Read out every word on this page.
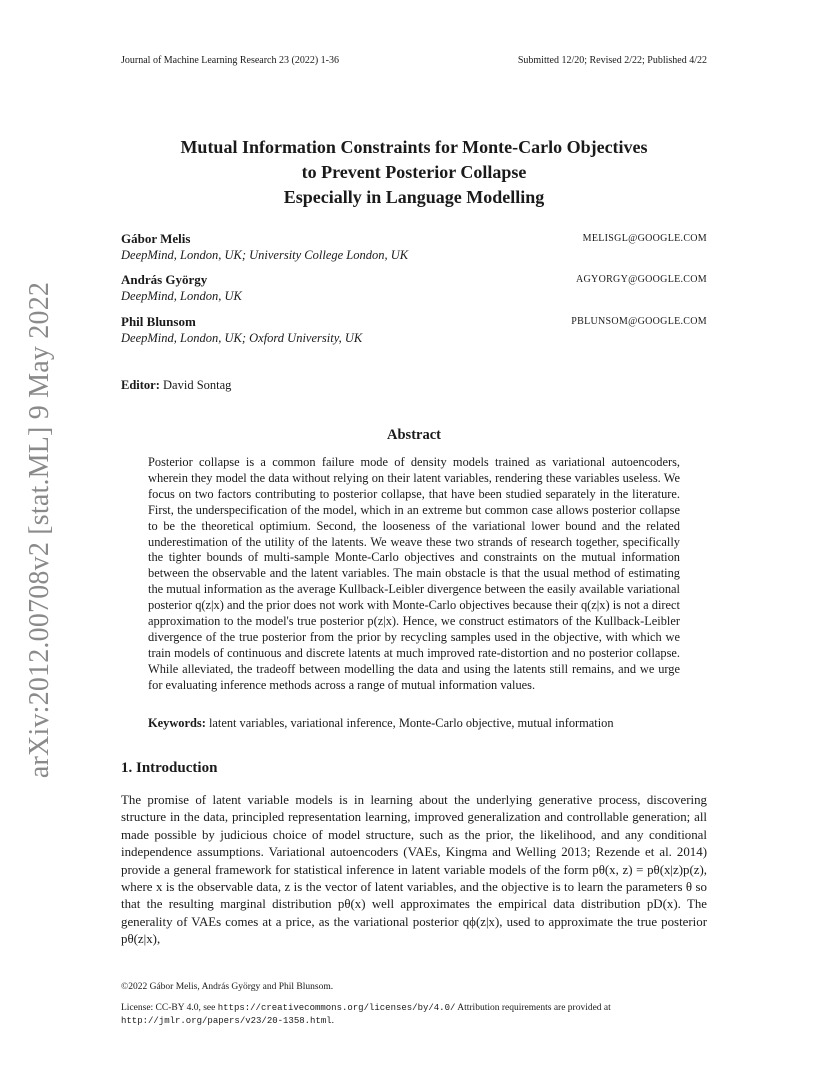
Journal of Machine Learning Research 23 (2022) 1-36	Submitted 12/20; Revised 2/22; Published 4/22
arXiv:2012.00708v2 [stat.ML] 9 May 2022
Mutual Information Constraints for Monte-Carlo Objectives
to Prevent Posterior Collapse
Especially in Language Modelling
Gábor Melis
DeepMind, London, UK; University College London, UK
MELISGL@GOOGLE.COM
András György
DeepMind, London, UK
AGYORGY@GOOGLE.COM
Phil Blunsom
DeepMind, London, UK; Oxford University, UK
PBLUNSOM@GOOGLE.COM
Editor: David Sontag
Abstract

Posterior collapse is a common failure mode of density models trained as variational autoencoders, wherein they model the data without relying on their latent variables, rendering these variables useless. We focus on two factors contributing to posterior collapse, that have been studied separately in the literature. First, the underspecification of the model, which in an extreme but common case allows posterior collapse to be the theoretical optimium. Second, the looseness of the variational lower bound and the related underestimation of the utility of the latents. We weave these two strands of research together, specifically the tighter bounds of multi-sample Monte-Carlo objectives and constraints on the mutual information between the observable and the latent variables. The main obstacle is that the usual method of estimating the mutual information as the average Kullback-Leibler divergence between the easily available variational posterior q(z|x) and the prior does not work with Monte-Carlo objectives because their q(z|x) is not a direct approximation to the model's true posterior p(z|x). Hence, we construct estimators of the Kullback-Leibler divergence of the true posterior from the prior by recycling samples used in the objective, with which we train models of continuous and discrete latents at much improved rate-distortion and no posterior collapse. While alleviated, the tradeoff between modelling the data and using the latents still remains, and we urge for evaluating inference methods across a range of mutual information values.

Keywords: latent variables, variational inference, Monte-Carlo objective, mutual information
1. Introduction

The promise of latent variable models is in learning about the underlying generative process, discovering structure in the data, principled representation learning, improved generalization and controllable generation; all made possible by judicious choice of model structure, such as the prior, the likelihood, and any conditional independence assumptions. Variational autoencoders (VAEs, Kingma and Welling 2013; Rezende et al. 2014) provide a general framework for statistical inference in latent variable models of the form pθ(x, z) = pθ(x|z)p(z), where x is the observable data, z is the vector of latent variables, and the objective is to learn the parameters θ so that the resulting marginal distribution pθ(x) well approximates the empirical data distribution pD(x). The generality of VAEs comes at a price, as the variational posterior qϕ(z|x), used to approximate the true posterior pθ(z|x),

©2022 Gábor Melis, András György and Phil Blunsom.
License: CC-BY 4.0, see https://creativecommons.org/licenses/by/4.0/ Attribution requirements are provided at
http://jmlr.org/papers/v23/20-1358.html.
